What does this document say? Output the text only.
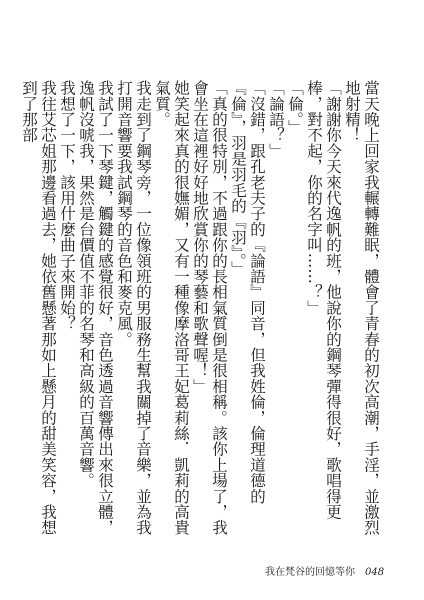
當天晚上回家我輾轉難眠，體會了青春的初次高潮，手淫，並激烈地射精！

「謝謝你今天來代逸帆的班，他說你的鋼琴彈得很好，歌唱得更棒，對不起，你的名字叫……？」

「倫。」

「論語？」

「沒錯，跟孔老夫子的『論語』同音，但我姓倫，倫理道德的『倫』，羽是羽毛的『羽』。」

「真的很特別，不過跟你的長相氣質倒是很相稱。該你上場了，我會坐在這裡好好地欣賞你的琴藝和歌聲喔！」

她笑起來真的很嫵媚，又有一種像摩洛哥王妃葛莉絲．凱莉的高貴氣質。

我走到了鋼琴旁，一位像領班的男服務生幫我關掉了音樂，並為我打開音響要我試鋼琴的音色和麥克風。

我試了一下琴鍵，觸鍵的感覺很好，音色透過音響傳出來很立體，逸帆沒唬我，果然是台價值不菲的名琴和高級的百萬音響。

我想了一下，該用什麼曲子來開始？

我往艾芯姐那邊看過去，她依舊懸著那如上懸月的甜美笑容，我想到了那部

我在梵谷的回憶等你 048
